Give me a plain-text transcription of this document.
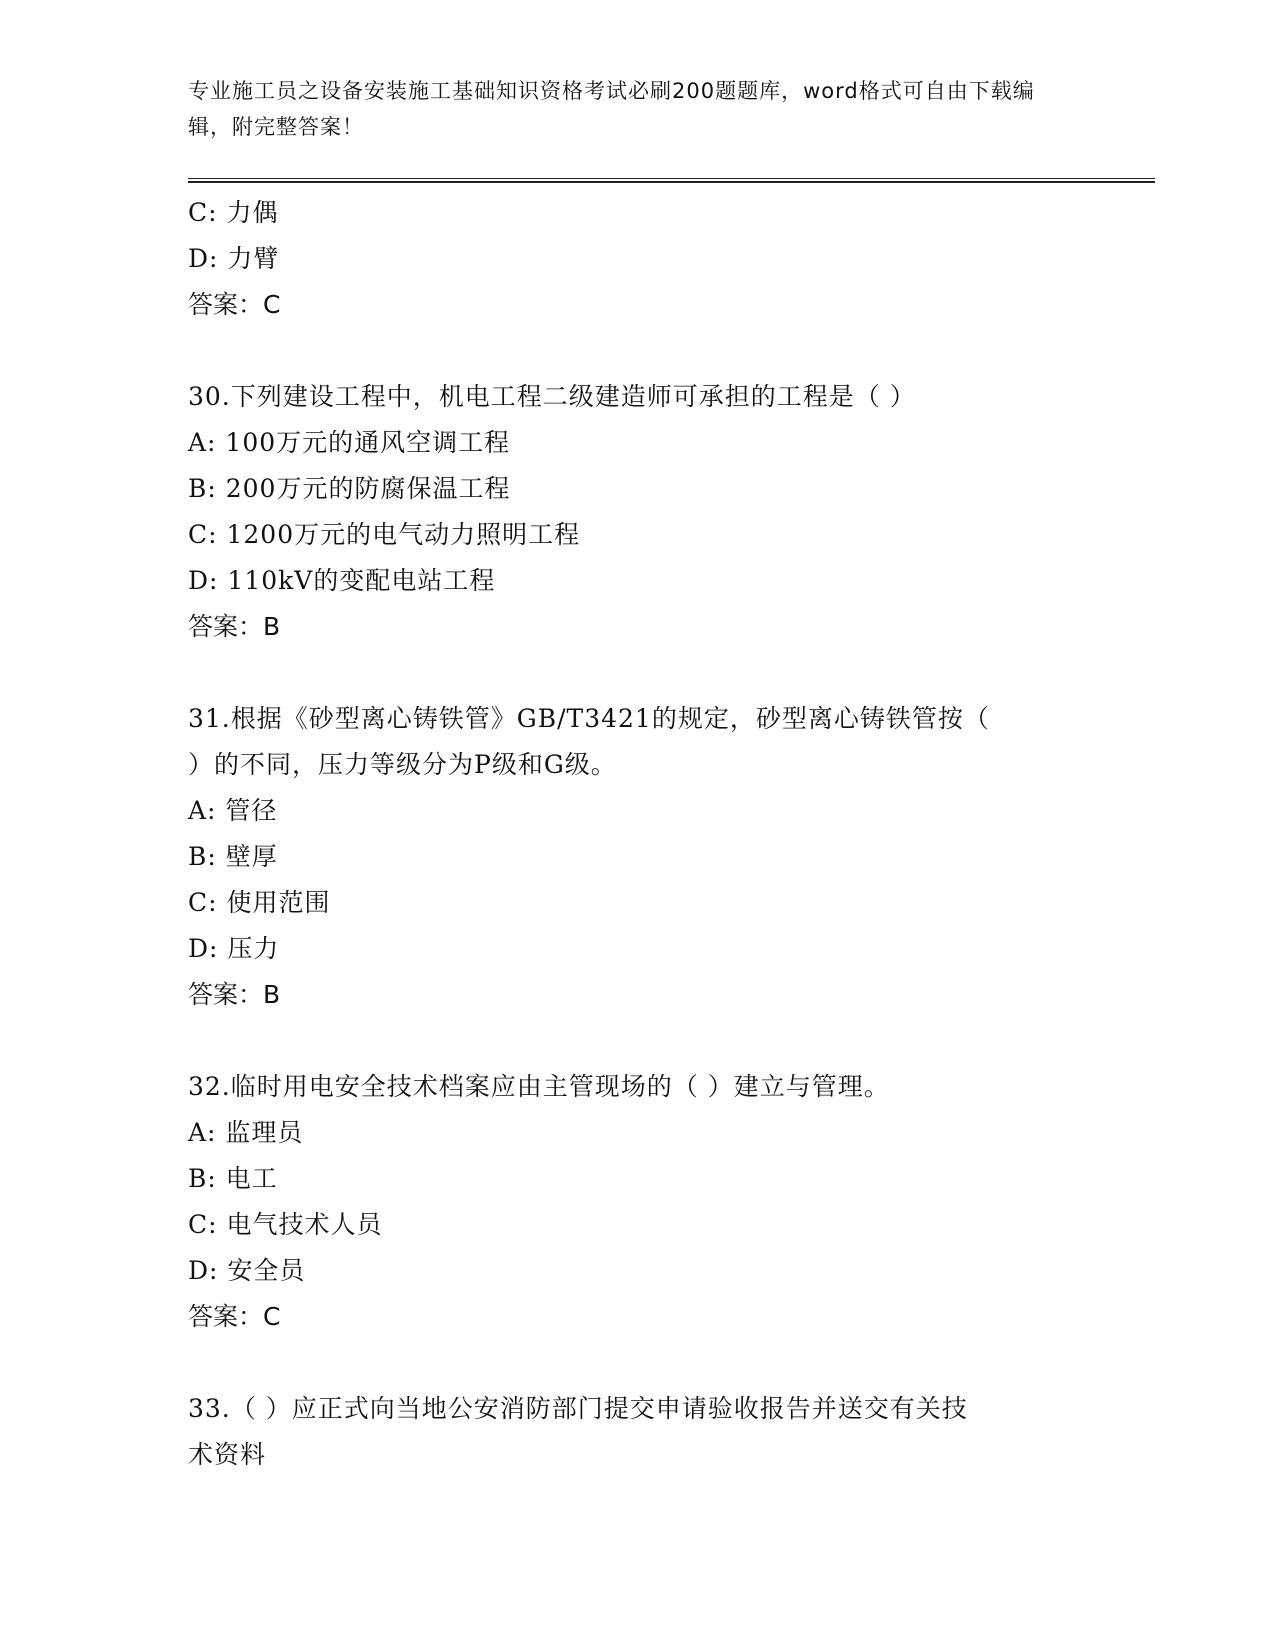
专业施工员之设备安装施工基础知识资格考试必刷200题题库，word格式可自由下载编辑，附完整答案！
C: 力偶
D: 力臂
答案：C
30.下列建设工程中，机电工程二级建造师可承担的工程是（ ）
A: 100万元的通风空调工程
B: 200万元的防腐保温工程
C: 1200万元的电气动力照明工程
D: 110kV的变配电站工程
答案：B
31.根据《砂型离心铸铁管》GB/T3421的规定，砂型离心铸铁管按（
）的不同，压力等级分为P级和G级。
A: 管径
B: 壁厚
C: 使用范围
D: 压力
答案：B
32.临时用电安全技术档案应由主管现场的（ ）建立与管理。
A: 监理员
B: 电工
C: 电气技术人员
D: 安全员
答案：C
33.（ ）应正式向当地公安消防部门提交申请验收报告并送交有关技
术资料
